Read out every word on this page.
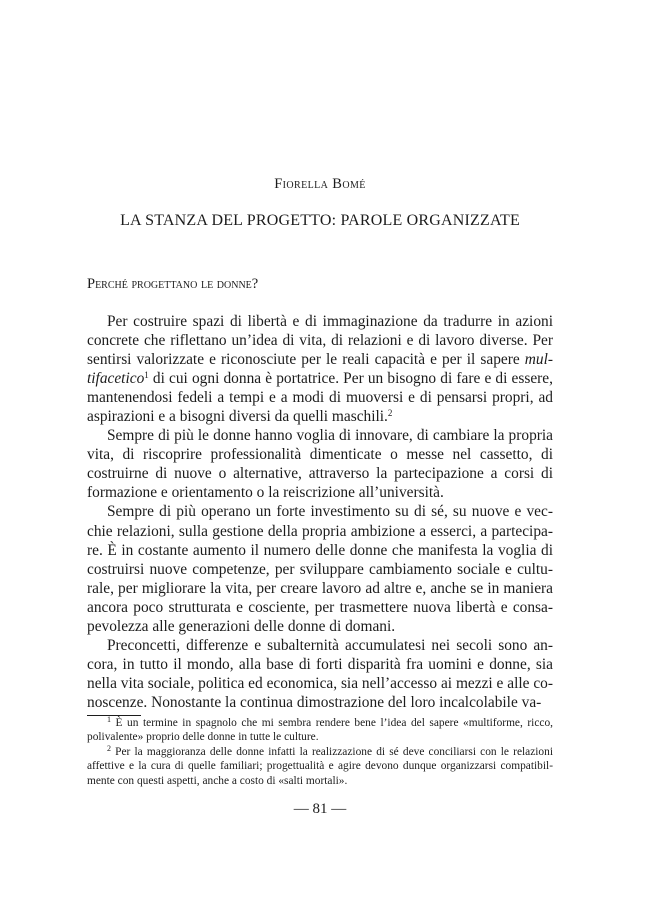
Fiorella Bomé
LA STANZA DEL PROGETTO: PAROLE ORGANIZZATE
Perché progettano le donne?

Per costruire spazi di libertà e di immaginazione da tradurre in azioni concrete che riflettano un’idea di vita, di relazioni e di lavoro diverse. Per sentirsi valorizzate e riconosciute per le reali capacità e per il sapere multifacetico$^1$ di cui ogni donna è portatrice. Per un bisogno di fare e di essere, mantenendosi fedeli a tempi e a modi di muoversi e di pensarsi propri, ad aspirazioni e a bisogni diversi da quelli maschili.$^2$

Sempre di più le donne hanno voglia di innovare, di cambiare la propria vita, di riscoprire professionalità dimenticate o messe nel cassetto, di costruirne di nuove o alternative, attraverso la partecipazione a corsi di formazione e orientamento o la reiscrizione all’università.

Sempre di più operano un forte investimento su di sé, su nuove e vecchie relazioni, sulla gestione della propria ambizione a esserci, a partecipare. È in costante aumento il numero delle donne che manifesta la voglia di costruirsi nuove competenze, per sviluppare cambiamento sociale e culturale, per migliorare la vita, per creare lavoro ad altre e, anche se in maniera ancora poco strutturata e cosciente, per trasmettere nuova libertà e consapevolezza alle generazioni delle donne di domani.

Preconcetti, differenze e subalternità accumulatesi nei secoli sono ancora, in tutto il mondo, alla base di forti disparità fra uomini e donne, sia nella vita sociale, politica ed economica, sia nell’accesso ai mezzi e alle conoscenze. Nonostante la continua dimostrazione del loro incalcolabile va-

$^1$ È un termine in spagnolo che mi sembra rendere bene l’idea del sapere «multiforme, ricco, polivalente» proprio delle donne in tutte le culture.

$^2$ Per la maggioranza delle donne infatti la realizzazione di sé deve conciliarsi con le relazioni affettive e la cura di quelle familiari; progettualità e agire devono dunque organizzarsi compatibilmente con questi aspetti, anche a costo di «salti mortali».

— 81 —
